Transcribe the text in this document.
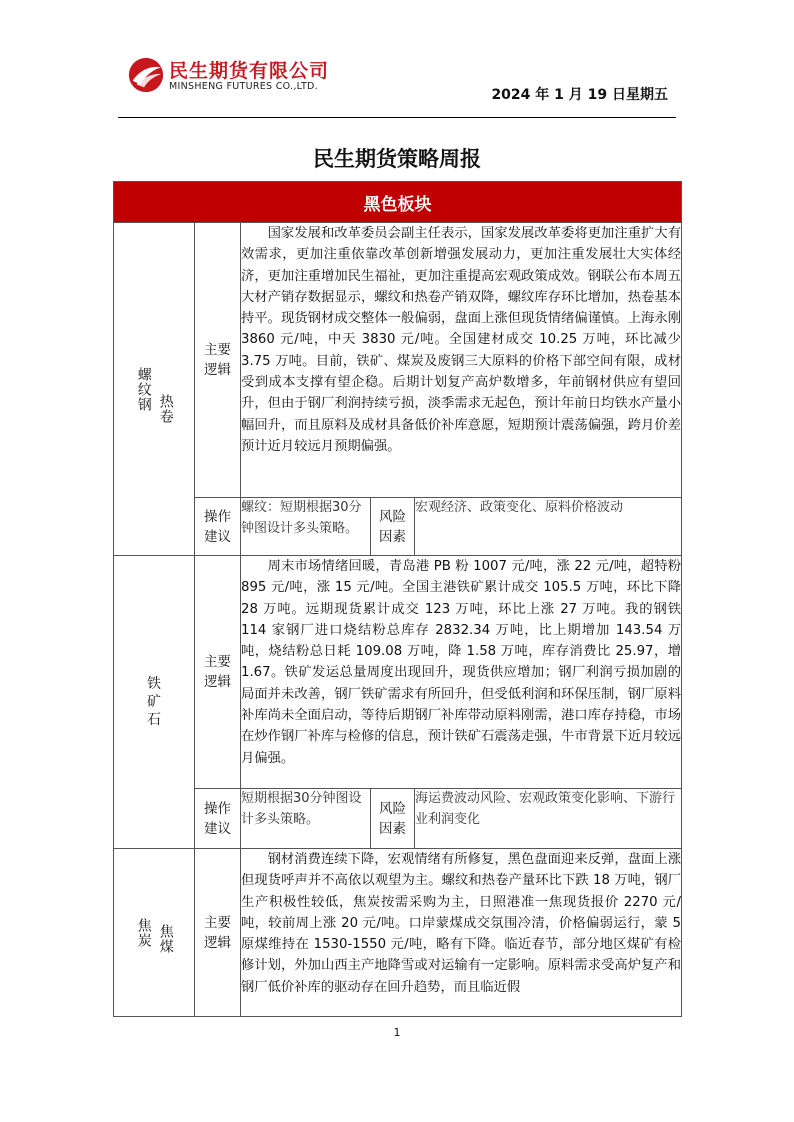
民生期货有限公司
MINSHENG FUTURES CO.,LTD.
2024 年 1 月 19 日星期五
民生期货策略周报
黑色板块				
螺纹钢 热卷	主要逻辑	国家发展和改革委员会副主任表示，国家发展改革委将更加注重扩大有效需求，更加注重依靠改革创新增强发展动力，更加注重发展壮大实体经济，更加注重增加民生福祉，更加注重提高宏观政策成效。钢联公布本周五大材产销存数据显示，螺纹和热卷产销双降，螺纹库存环比增加，热卷基本持平。现货钢材成交整体一般偏弱，盘面上涨但现货情绪偏谨慎。上海永刚 3860 元/吨，中天 3830 元/吨。全国建材成交 10.25 万吨，环比减少 3.75 万吨。目前，铁矿、煤炭及废钢三大原料的价格下部空间有限，成材受到成本支撑有望企稳。后期计划复产高炉数增多，年前钢材供应有望回升，但由于钢厂利润持续亏损，淡季需求无起色，预计年前日均铁水产量小幅回升，而且原料及成材具备低价补库意愿，短期预计震荡偏强，跨月价差预计近月较远月预期偏强。		

	操作建议	螺纹：短期根据30分钟图设计多头策略。	风险因素	宏观经济、政策变化、原料价格波动
铁矿石	主要逻辑	周末市场情绪回暖，青岛港 PB 粉 1007 元/吨，涨 22 元/吨，超特粉 895 元/吨，涨 15 元/吨。全国主港铁矿累计成交 105.5 万吨，环比下降 28 万吨。远期现货累计成交 123 万吨，环比上涨 27 万吨。我的钢铁 114 家钢厂进口烧结粉总库存 2832.34 万吨，比上期增加 143.54 万吨，烧结粉总日耗 109.08 万吨，降 1.58 万吨，库存消费比 25.97，增 1.67。铁矿发运总量周度出现回升，现货供应增加；钢厂利润亏损加剧的局面并未改善，钢厂铁矿需求有所回升，但受低利润和环保压制，钢厂原料补库尚未全面启动，等待后期钢厂补库带动原料刚需，港口库存持稳，市场在炒作钢厂补库与检修的信息，预计铁矿石震荡走强，牛市背景下近月较远月偏强。		

	操作建议	短期根据30分钟图设计多头策略。	风险因素	海运费波动风险、宏观政策变化影响、下游行业利润变化
焦炭 焦煤	主要逻辑	钢材消费连续下降，宏观情绪有所修复，黑色盘面迎来反弹，盘面上涨但现货呼声并不高依以观望为主。螺纹和热卷产量环比下跌 18 万吨，钢厂生产积极性较低，焦炭按需采购为主，日照港准一焦现货报价 2270 元/吨，较前周上涨 20 元/吨。口岸蒙煤成交氛围冷清，价格偏弱运行，蒙 5 原煤维持在 1530-1550 元/吨，略有下降。临近春节，部分地区煤矿有检修计划，外加山西主产地降雪或对运输有一定影响。原料需求受高炉复产和钢厂低价补库的驱动存在回升趋势，而且临近假		
1
